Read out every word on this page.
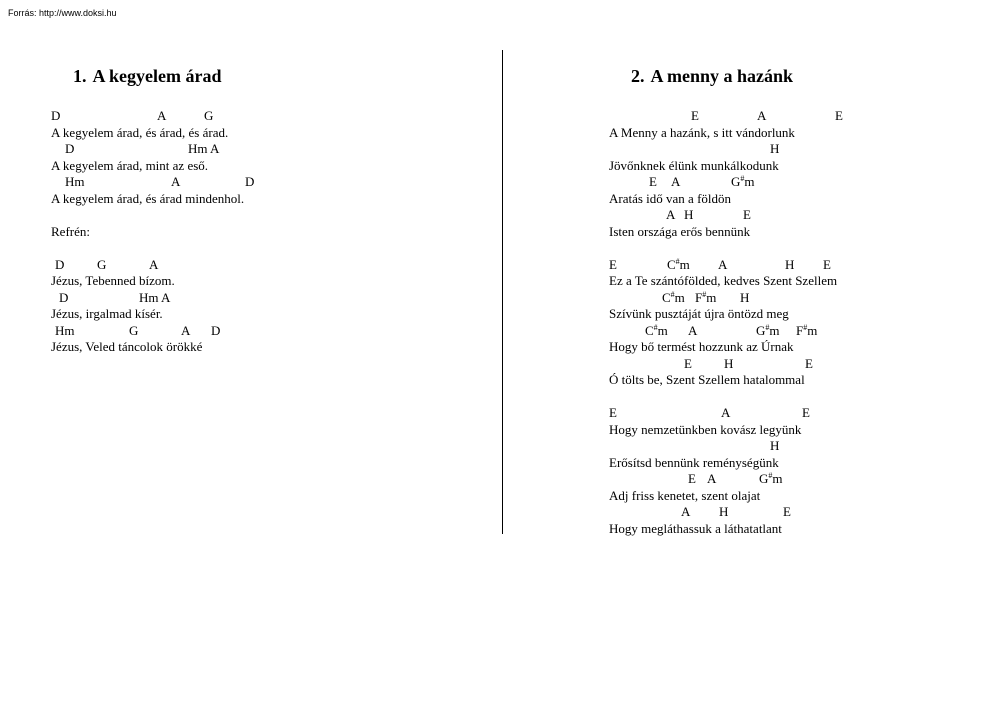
Forrás: http://www.doksi.hu
1. A kegyelem árad
D	A	G
A kegyelem árad, és árad, és árad.
D	Hm A
A kegyelem árad, mint az eső.
Hm	A	D
A kegyelem árad, és árad mindenhol.
Refrén:
D	G	A
Jézus, Tebenned bízom.
D	Hm A
Jézus, irgalmad kísér.
Hm	G	A D
Jézus, Veled táncolok örökké
2. A menny a hazánk
E	A	E
A Menny a hazánk, s itt vándorlunk
H
Jövőnknek élünk munkálkodunk
E A	G#m
Aratás idő van a földön
A H	E
Isten országa erős bennünk
E	C#m A	H E
Ez a Te szántófölded, kedves Szent Szellem
C#m F#m H
Szívünk pusztáját újra öntözd meg
C#m A	G#m F#m
Hogy bő termést hozzunk az Úrnak
E H	E
Ó tölts be, Szent Szellem hatalommal
E	A	E
Hogy nemzetünkben kovász legyünk
H
Erősítsd bennünk reménységünk
E A	G#m
Adj friss kenetet, szent olajat
A H	E
Hogy megláthassuk a láthatatlant
